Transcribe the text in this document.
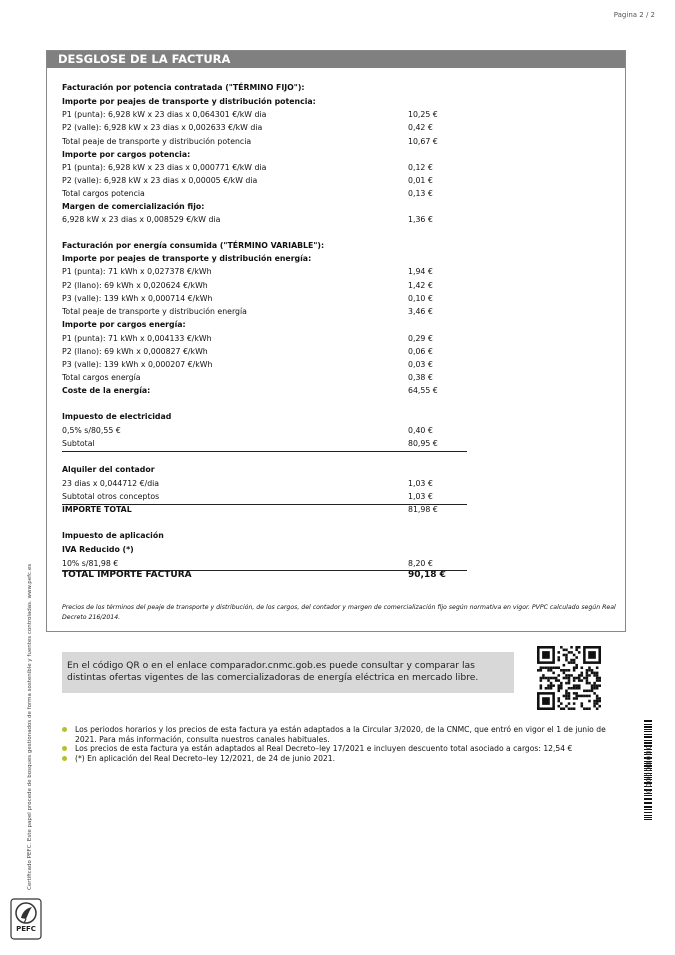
Pagina 2 / 2
DESGLOSE DE LA FACTURA
Facturación por potencia contratada ("TÉRMINO FIJO"):
Importe por peajes de transporte y distribución potencia:
P1 (punta): 6,928 kW x 23 dias x 0,064301 €/kW dia	10,25 €
P2 (valle): 6,928 kW x 23 dias x 0,002633 €/kW dia	0,42 €
Total peaje de transporte y distribución potencia	10,67 €
Importe por cargos potencia:
P1 (punta): 6,928 kW x 23 dias x 0,000771 €/kW dia	0,12 €
P2 (valle): 6,928 kW x 23 dias x 0,00005 €/kW dia	0,01 €
Total cargos potencia	0,13 €
Margen de comercialización fijo:
6,928 kW x 23 dias x 0,008529 €/kW dia	1,36 €
Facturación por energía consumida ("TÉRMINO VARIABLE"):
Importe por peajes de transporte y distribución energía:
P1 (punta): 71 kWh x 0,027378 €/kWh	1,94 €
P2 (llano): 69 kWh x 0,020624 €/kWh	1,42 €
P3 (valle): 139 kWh x 0,000714 €/kWh	0,10 €
Total peaje de transporte y distribución energía	3,46 €
Importe por cargos energía:
P1 (punta): 71 kWh x 0,004133 €/kWh	0,29 €
P2 (llano): 69 kWh x 0,000827 €/kWh	0,06 €
P3 (valle): 139 kWh x 0,000207 €/kWh	0,03 €
Total cargos energía	0,38 €
Coste de la energía:	64,55 €
Impuesto de electricidad
0,5% s/80,55 €	0,40 €
Subtotal	80,95 €
Alquiler del contador
23 dias x 0,044712 €/dia	1,03 €
Subtotal otros conceptos	1,03 €
IMPORTE TOTAL	81,98 €
Impuesto de aplicación
IVA Reducido (*)
10% s/81,98 €	8,20 €
TOTAL IMPORTE FACTURA	90,18 €
Precios de los términos del peaje de transporte y distribución, de los cargos, del contador y margen de comercialización fijo según normativa en vigor. PVPC calculado según Real Decreto 216/2014.
En el código QR o en el enlace comparador.cnmc.gob.es puede consultar y comparar las distintas ofertas vigentes de las comercializadoras de energía eléctrica en mercado libre.
Los periodos horarios y los precios de esta factura ya están adaptados a la Circular 3/2020, de la CNMC, que entró en vigor el 1 de junio de 2021. Para más información, consulta nuestros canales habituales.
Los precios de esta factura ya están adaptados al Real Decreto–ley 17/2021 e incluyen descuento total asociado a cargos: 12,54 €
(*) En aplicación del Real Decreto–ley 12/2021, de 24 de junio 2021.
Certificado PEFC. Este papel procede de bosques gestionados de forma sostenible y fuentes controladas. www.pefc.es
PEFC
000000000
